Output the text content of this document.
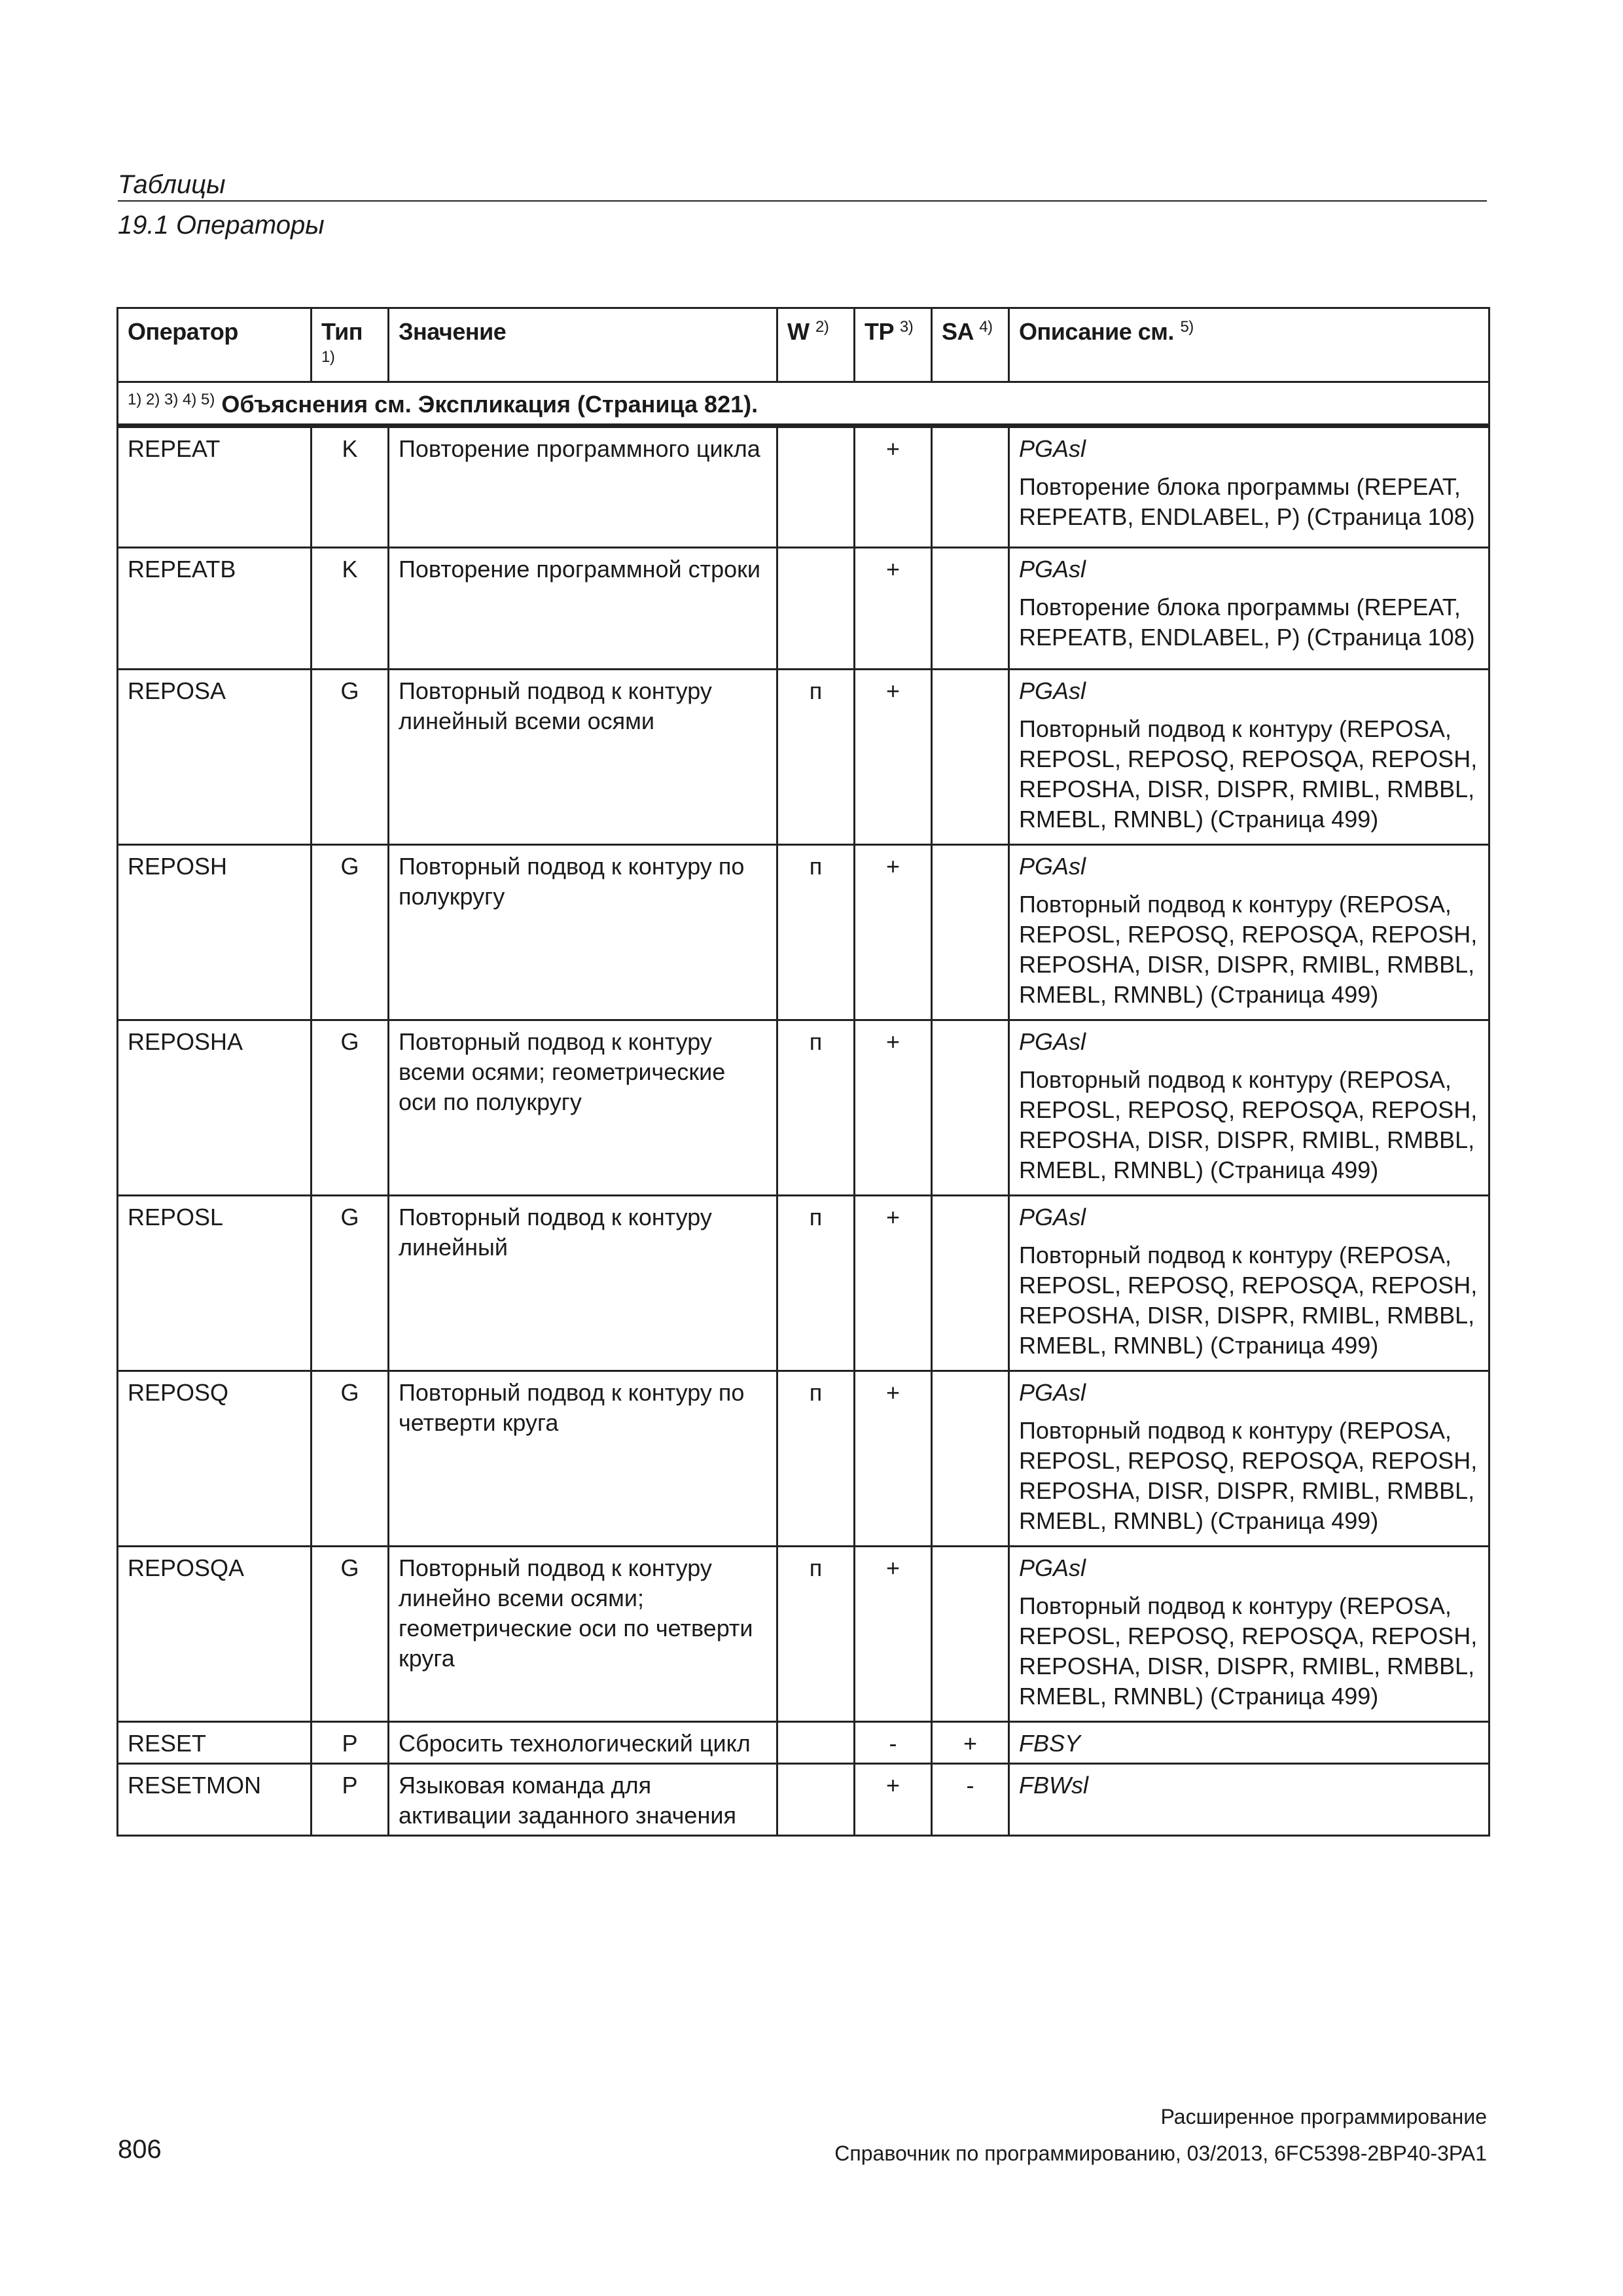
Таблицы
19.1 Операторы
Оператор	Тип $^{1)}$	Значение	W $^{2)}$	TP $^{3)}$	SA $^{4)}$	Описание см. $^{5)}$
$^{1) 2) 3) 4) 5)}$ Объяснения см. Экспликация (Страница 821).						
REPEAT	K	Повторение программного цикла		+		PGAsl
Повторение блока программы (REPEAT, REPEATB, ENDLABEL, P) (Страница 108)

REPEATB	K	Повторение программной строки		+		PGAsl
Повторение блока программы (REPEAT, REPEATB, ENDLABEL, P) (Страница 108)

REPOSA	G	Повторный подвод к контуру линейный всеми осями	п	+		PGAsl
Повторный подвод к контуру (REPOSA, REPOSL, REPOSQ, REPOSQA, REPOSH, REPOSHA, DISR, DISPR, RMIBL, RMBBL, RMEBL, RMNBL) (Страница 499)

REPOSH	G	Повторный подвод к контуру по полукругу	п	+		PGAsl
Повторный подвод к контуру (REPOSA, REPOSL, REPOSQ, REPOSQA, REPOSH, REPOSHA, DISR, DISPR, RMIBL, RMBBL, RMEBL, RMNBL) (Страница 499)

REPOSHA	G	Повторный подвод к контуру всеми осями; геометрические оси по полукругу	п	+		PGAsl
Повторный подвод к контуру (REPOSA, REPOSL, REPOSQ, REPOSQA, REPOSH, REPOSHA, DISR, DISPR, RMIBL, RMBBL, RMEBL, RMNBL) (Страница 499)

REPOSL	G	Повторный подвод к контуру линейный	п	+		PGAsl
Повторный подвод к контуру (REPOSA, REPOSL, REPOSQ, REPOSQA, REPOSH, REPOSHA, DISR, DISPR, RMIBL, RMBBL, RMEBL, RMNBL) (Страница 499)

REPOSQ	G	Повторный подвод к контуру по четверти круга	п	+		PGAsl
Повторный подвод к контуру (REPOSA, REPOSL, REPOSQ, REPOSQA, REPOSH, REPOSHA, DISR, DISPR, RMIBL, RMBBL, RMEBL, RMNBL) (Страница 499)

REPOSQA	G	Повторный подвод к контуру линейно всеми осями; геометрические оси по четверти круга	п	+		PGAsl
Повторный подвод к контуру (REPOSA, REPOSL, REPOSQ, REPOSQA, REPOSH, REPOSHA, DISR, DISPR, RMIBL, RMBBL, RMEBL, RMNBL) (Страница 499)

RESET	P	Сбросить технологический цикл		-	+	FBSY

RESETMON	P	Языковая команда для активации заданного значения		+	-	FBWsl
Расширенное программирование
806	Справочник по программированию, 03/2013, 6FC5398-2BP40-3PA1
